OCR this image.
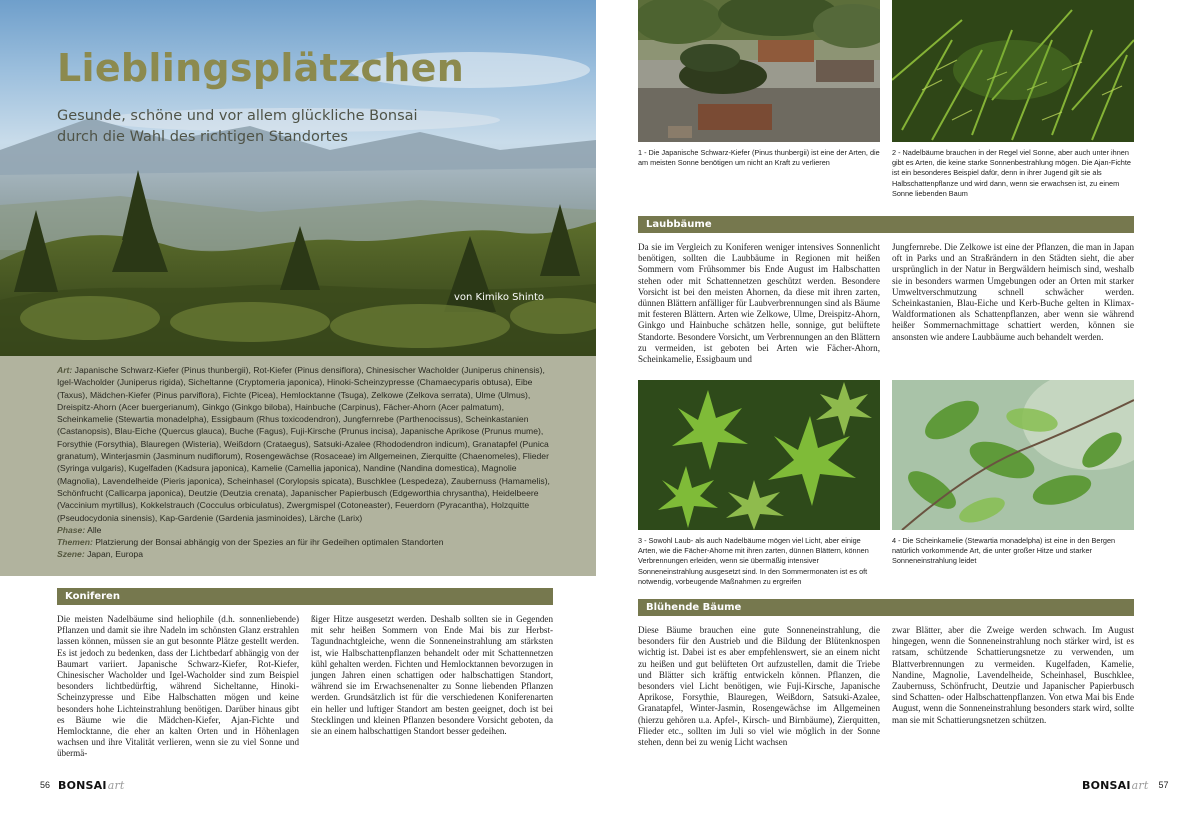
Lieblingsplätzchen
Gesunde, schöne und vor allem glückliche Bonsai durch die Wahl des richtigen Standortes
von Kimiko Shinto

Art: Japanische Schwarz-Kiefer (Pinus thunbergii), Rot-Kiefer (Pinus densiflora), Chinesischer Wacholder (Juniperus chinensis), Igel-Wacholder (Juniperus rigida), Sicheltanne (Cryptomeria japonica), Hinoki-Scheinzypresse (Chamaecyparis obtusa), Eibe (Taxus), Mädchen-Kiefer (Pinus parviflora), Fichte (Picea), Hemlocktanne (Tsuga), Zelkowe (Zelkova serrata), Ulme (Ulmus), Dreispitz-Ahorn (Acer buergerianum), Ginkgo (Ginkgo biloba), Hainbuche (Carpinus), Fächer-Ahorn (Acer palmatum), Scheinkamelie (Stewartia monadelpha), Essigbaum (Rhus toxicodendron), Jungfernrebe (Parthenocissus), Scheinkastanien (Castanopsis), Blau-Eiche (Quercus glauca), Buche (Fagus), Fuji-Kirsche (Prunus incisa), Japanische Aprikose (Prunus mume), Forsythie (Forsythia), Blauregen (Wisteria), Weißdorn (Crataegus), Satsuki-Azalee (Rhododendron indicum), Granatapfel (Punica granatum), Winterjasmin (Jasminum nudiflorum), Rosengewächse (Rosaceae) im Allgemeinen, Zierquitte (Chaenomeles), Flieder (Syringa vulgaris), Kugelfaden (Kadsura japonica), Kamelie (Camellia japonica), Nandine (Nandina domestica), Magnolie (Magnolia), Lavendelheide (Pieris japonica), Scheinhasel (Corylopsis spicata), Buschklee (Lespedeza), Zaubernuss (Hamamelis), Schönfrucht (Callicarpa japonica), Deutzie (Deutzia crenata), Japanischer Papierbusch (Edgeworthia chrysantha), Heidelbeere (Vaccinium myrtillus), Kokkelstrauch (Cocculus orbiculatus), Zwergmispel (Cotoneaster), Feuerdorn (Pyracantha), Holzquitte (Pseudocydonia sinensis), Kap-Gardenie (Gardenia jasminoides), Lärche (Larix)

Phase: Alle

Themen: Platzierung der Bonsai abhängig von der Spezies an für ihr Gedeihen optimalen Standorten

Szene: Japan, Europa

Koniferen

Die meisten Nadelbäume sind heliophile (d.h. sonnenliebende) Pflanzen und damit sie ihre Nadeln im schönsten Glanz erstrahlen lassen können, müssen sie an gut besonnte Plätze gestellt werden. Es ist jedoch zu bedenken, dass der Lichtbedarf abhängig von der Baumart variiert. Japanische Schwarz-Kiefer, Rot-Kiefer, Chinesischer Wacholder und Igel-Wacholder sind zum Beispiel besonders lichtbedürftig, während Sicheltanne, Hinoki-Scheinzypresse und Eibe Halbschatten mögen und keine besonders hohe Lichteinstrahlung benötigen. Darüber hinaus gibt es Bäume wie die Mädchen-Kiefer, Ajan-Fichte und Hemlocktanne, die eher an kalten Orten und in Höhenlagen wachsen und ihre Vitalität verlieren, wenn sie zu viel Sonne und übermä-

ßiger Hitze ausgesetzt werden. Deshalb sollten sie in Gegenden mit sehr heißen Sommern von Ende Mai bis zur Herbst-Tagundnachtgleiche, wenn die Sonneneinstrahlung am stärksten ist, wie Halbschattenpflanzen behandelt oder mit Schattennetzen kühl gehalten werden. Fichten und Hemlocktannen bevorzugen in jungen Jahren einen schattigen oder halbschattigen Standort, während sie im Erwachsenenalter zu Sonne liebenden Pflanzen werden. Grundsätzlich ist für die verschiedenen Koniferenarten ein heller und luftiger Standort am besten geeignet, doch ist bei Stecklingen und kleinen Pflanzen besondere Vorsicht geboten, da sie an einem halbschattigen Standort besser gedeihen.

56 BONSAIart
1 - Die Japanische Schwarz-Kiefer (Pinus thunbergii) ist eine der Arten, die am meisten Sonne benötigen um nicht an Kraft zu verlieren
2 - Nadelbäume brauchen in der Regel viel Sonne, aber auch unter ihnen gibt es Arten, die keine starke Sonnenbestrahlung mögen. Die Ajan-Fichte ist ein besonderes Beispiel dafür, denn in ihrer Jugend gilt sie als Halbschattenpflanze und wird dann, wenn sie erwachsen ist, zu einem Sonne liebenden Baum
Laubbäume

Da sie im Vergleich zu Koniferen weniger intensives Sonnenlicht benötigen, sollten die Laubbäume in Regionen mit heißen Sommern vom Frühsommer bis Ende August im Halbschatten stehen oder mit Schattennetzen geschützt werden. Besondere Vorsicht ist bei den meisten Ahornen, da diese mit ihren zarten, dünnen Blättern anfälliger für Laubverbrennungen sind als Bäume mit festeren Blättern. Arten wie Zelkowe, Ulme, Dreispitz-Ahorn, Ginkgo und Hainbuche schätzen helle, sonnige, gut belüftete Standorte. Besondere Vorsicht, um Verbrennungen an den Blättern zu vermeiden, ist geboten bei Arten wie Fächer-Ahorn, Scheinkamelie, Essigbaum und

Jungfernrebe. Die Zelkowe ist eine der Pflanzen, die man in Japan oft in Parks und an Straßrändern in den Städten sieht, die aber ursprünglich in der Natur in Bergwäldern heimisch sind, weshalb sie in besonders warmen Umgebungen oder an Orten mit starker Umweltverschmutzung schnell schwächer werden. Scheinkastanien, Blau-Eiche und Kerb-Buche gelten in Klimax-Waldformationen als Schattenpflanzen, aber wenn sie während heißer Sommernachmittage schattiert werden, können sie ansonsten wie andere Laubbäume auch behandelt werden.

3 - Sowohl Laub- als auch Nadelbäume mögen viel Licht, aber einige Arten, wie die Fächer-Ahorne mit ihren zarten, dünnen Blättern, können Verbrennungen erleiden, wenn sie übermäßig intensiver Sonneneinstrahlung ausgesetzt sind. In den Sommermonaten ist es oft notwendig, vorbeugende Maßnahmen zu ergreifen
4 - Die Scheinkamelie (Stewartia monadelpha) ist eine in den Bergen natürlich vorkommende Art, die unter großer Hitze und starker Sonneneinstrahlung leidet
Blühende Bäume

Diese Bäume brauchen eine gute Sonneneinstrahlung, die besonders für den Austrieb und die Bildung der Blütenknospen wichtig ist. Dabei ist es aber empfehlenswert, sie an einem nicht zu heißen und gut belüfteten Ort aufzustellen, damit die Triebe und Blätter sich kräftig entwickeln können. Pflanzen, die besonders viel Licht benötigen, wie Fuji-Kirsche, Japanische Aprikose, Forsythie, Blauregen, Weißdorn, Satsuki-Azalee, Granatapfel, Winter-Jasmin, Rosengewächse im Allgemeinen (hierzu gehören u.a. Apfel-, Kirsch- und Birnbäume), Zierquitten, Flieder etc., sollten im Juli so viel wie möglich in der Sonne stehen, denn bei zu wenig Licht wachsen

zwar Blätter, aber die Zweige werden schwach. Im August hingegen, wenn die Sonneneinstrahlung noch stärker wird, ist es ratsam, schützende Schattierungsnetze zu verwenden, um Blattverbrennungen zu vermeiden. Kugelfaden, Kamelie, Nandine, Magnolie, Lavendelheide, Scheinhasel, Buschklee, Zaubernuss, Schönfrucht, Deutzie und Japanischer Papierbusch sind Schatten- oder Halbschattenpflanzen. Von etwa Mai bis Ende August, wenn die Sonneneinstrahlung besonders stark wird, sollte man sie mit Schattierungsnetzen schützen.

BONSAIart 57
